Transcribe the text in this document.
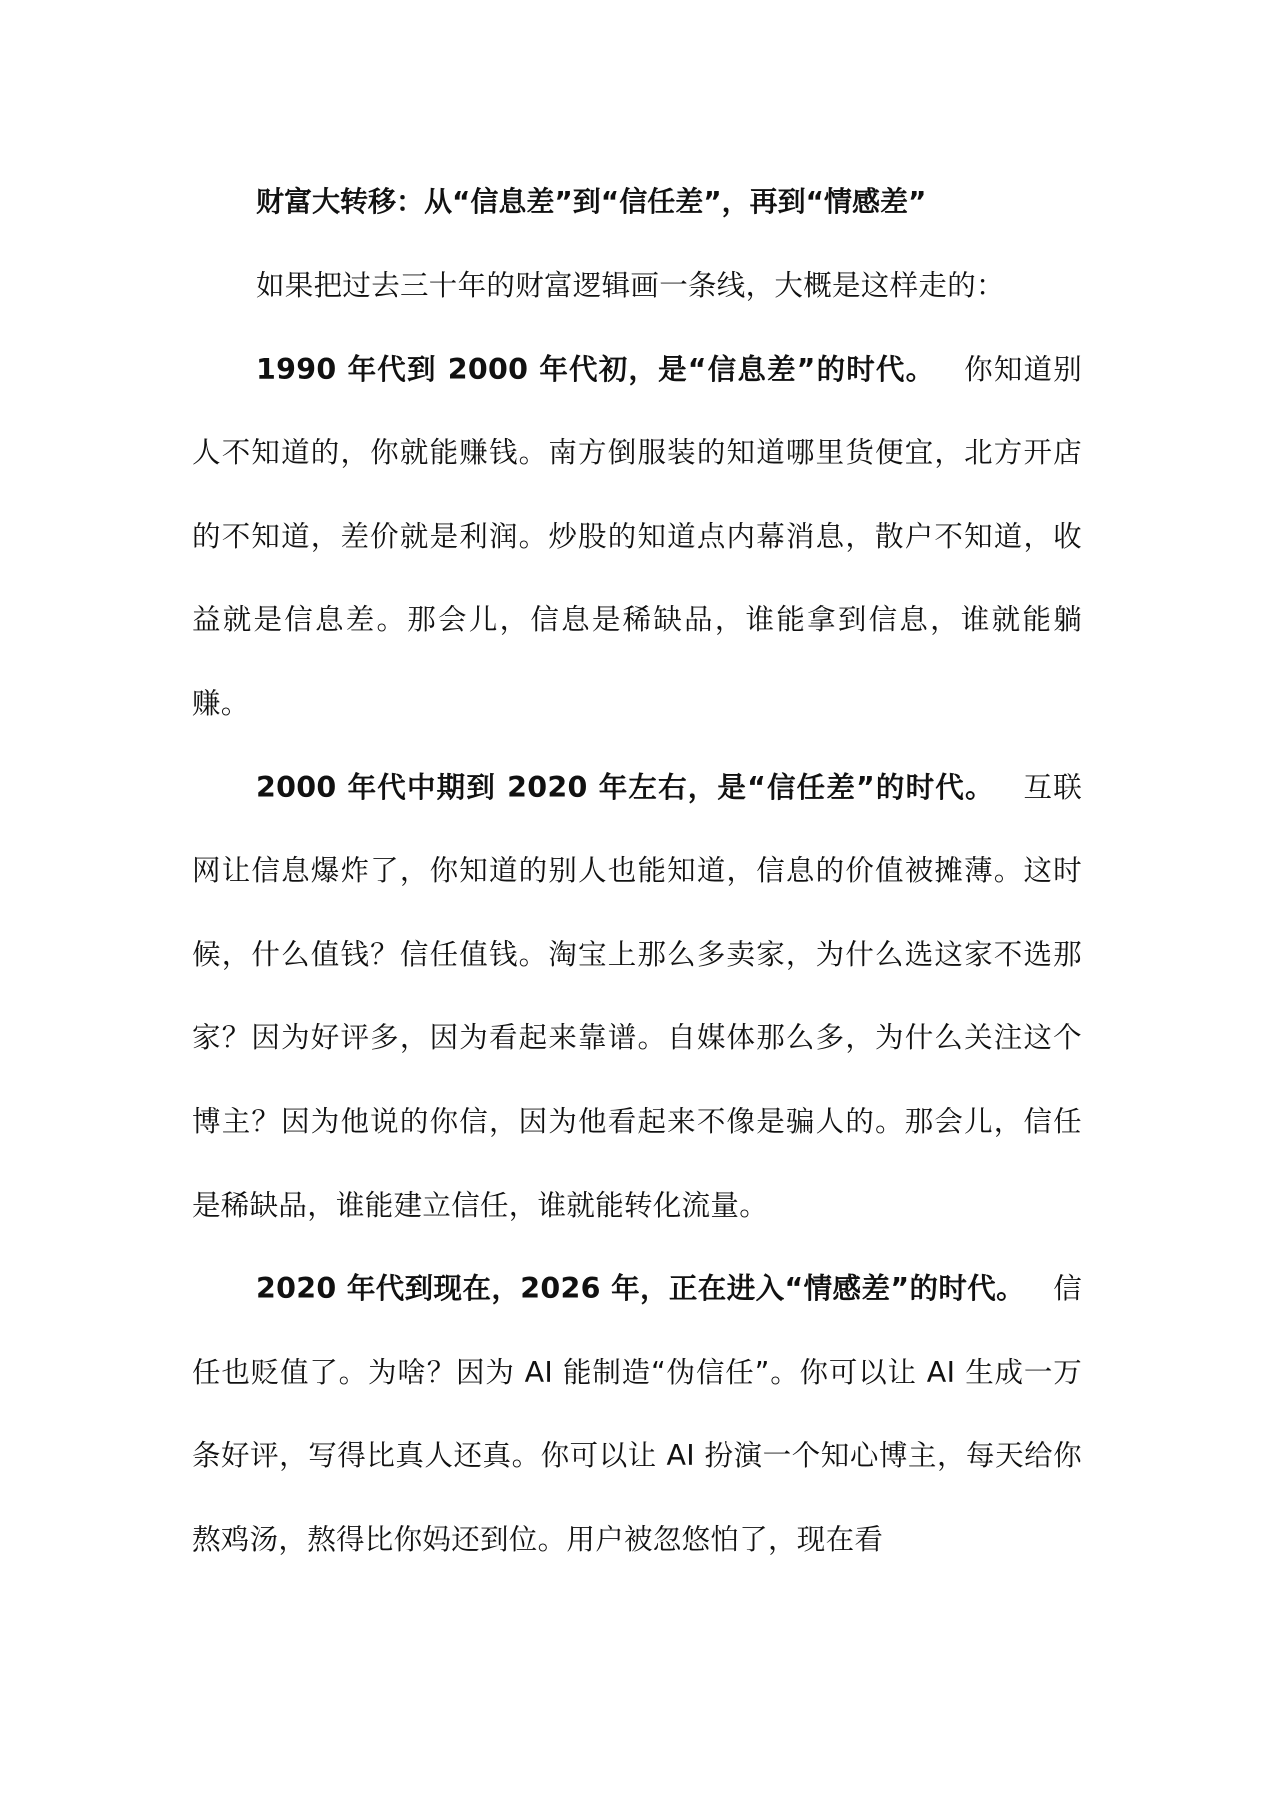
财富大转移：从“信息差”到“信任差”，再到“情感差”

如果把过去三十年的财富逻辑画一条线，大概是这样走的：

1990 年代到 2000 年代初，是“信息差”的时代。 你知道别人不知道的，你就能赚钱。南方倒服装的知道哪里货便宜，北方开店的不知道，差价就是利润。炒股的知道点内幕消息，散户不知道，收益就是信息差。那会儿，信息是稀缺品，谁能拿到信息，谁就能躺赚。

2000 年代中期到 2020 年左右，是“信任差”的时代。 互联网让信息爆炸了，你知道的别人也能知道，信息的价值被摊薄。这时候，什么值钱？信任值钱。淘宝上那么多卖家，为什么选这家不选那家？因为好评多，因为看起来靠谱。自媒体那么多，为什么关注这个博主？因为他说的你信，因为他看起来不像是骗人的。那会儿，信任是稀缺品，谁能建立信任，谁就能转化流量。

2020 年代到现在，2026 年，正在进入“情感差”的时代。 信任也贬值了。为啥？因为 AI 能制造“伪信任”。你可以让 AI 生成一万条好评，写得比真人还真。你可以让 AI 扮演一个知心博主，每天给你熬鸡汤，熬得比你妈还到位。用户被忽悠怕了，现在看
